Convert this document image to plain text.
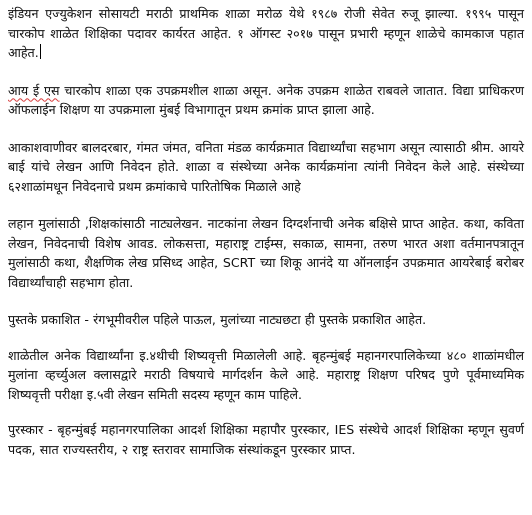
इंडियन एज्युकेशन सोसायटी मराठी प्राथमिक शाळा मरोळ येथे १९८७ रोजी सेवेत रुजू झाल्या. १९९५ पासून चारकोप शाळेत शिक्षिका पदावर कार्यरत आहेत. १ ऑगस्ट २०१७ पासून प्रभारी म्हणून शाळेचे कामकाज पहात आहेत.

आय ई एस चारकोप शाळा एक उपक्रमशील शाळा असून. अनेक उपक्रम शाळेत राबवले जातात. विद्या प्राधिकरण ऑफलाईन शिक्षण या उपक्रमाला मुंबई विभागातून प्रथम क्रमांक प्राप्त झाला आहे.

आकाशवाणीवर बालदरबार, गंमत जंमत, वनिता मंडळ कार्यक्रमात विद्यार्थ्यांचा सहभाग असून त्यासाठी श्रीम. आयरे बाई यांचे लेखन आणि निवेदन होते. शाळा व संस्थेच्या अनेक कार्यक्रमांना त्यांनी निवेदन केले आहे. संस्थेच्या ६२शाळांमधून निवेदनाचे प्रथम क्रमांकाचे पारितोषिक मिळाले आहे

लहान मुलांसाठी ,शिक्षकांसाठी नाट्यलेखन. नाटकांना लेखन दिग्दर्शनाची अनेक बक्षिसे प्राप्त आहेत. कथा, कविता लेखन, निवेदनाची विशेष आवड. लोकसत्ता, महाराष्ट्र टाईम्स, सकाळ, सामना, तरुण भारत अशा वर्तमानपत्रातून मुलांसाठी कथा, शैक्षणिक लेख प्रसिध्द आहेत, SCRT च्या शिकू आनंदे या ऑनलाईन उपक्रमात आयरेबाई बरोबर विद्यार्थ्यांचाही सहभाग होता.

पुस्तके प्रकाशित - रंगभूमीवरील पहिले पाऊल, मुलांच्या नाट्यछटा ही पुस्तके प्रकाशित आहेत.

शाळेतील अनेक विद्यार्थ्यांना इ.४थीची शिष्यवृत्ती मिळालेली आहे. बृहन्मुंबई महानगरपालिकेच्या ४८० शाळांमधील मुलांना व्हर्च्युअल क्लासद्वारे मराठी विषयाचे मार्गदर्शन केले आहे. महाराष्ट्र शिक्षण परिषद पुणे पूर्वमाध्यमिक शिष्यवृत्ती परीक्षा इ.५वी लेखन समिती सदस्य म्हणून काम पाहिले.

पुरस्कार - बृहन्मुंबई महानगरपालिका आदर्श शिक्षिका महापौर पुरस्कार, IES संस्थेचे आदर्श शिक्षिका म्हणून सुवर्ण पदक, सात राज्यस्तरीय, २ राष्ट्र स्तरावर सामाजिक संस्थांकडून पुरस्कार प्राप्त.
